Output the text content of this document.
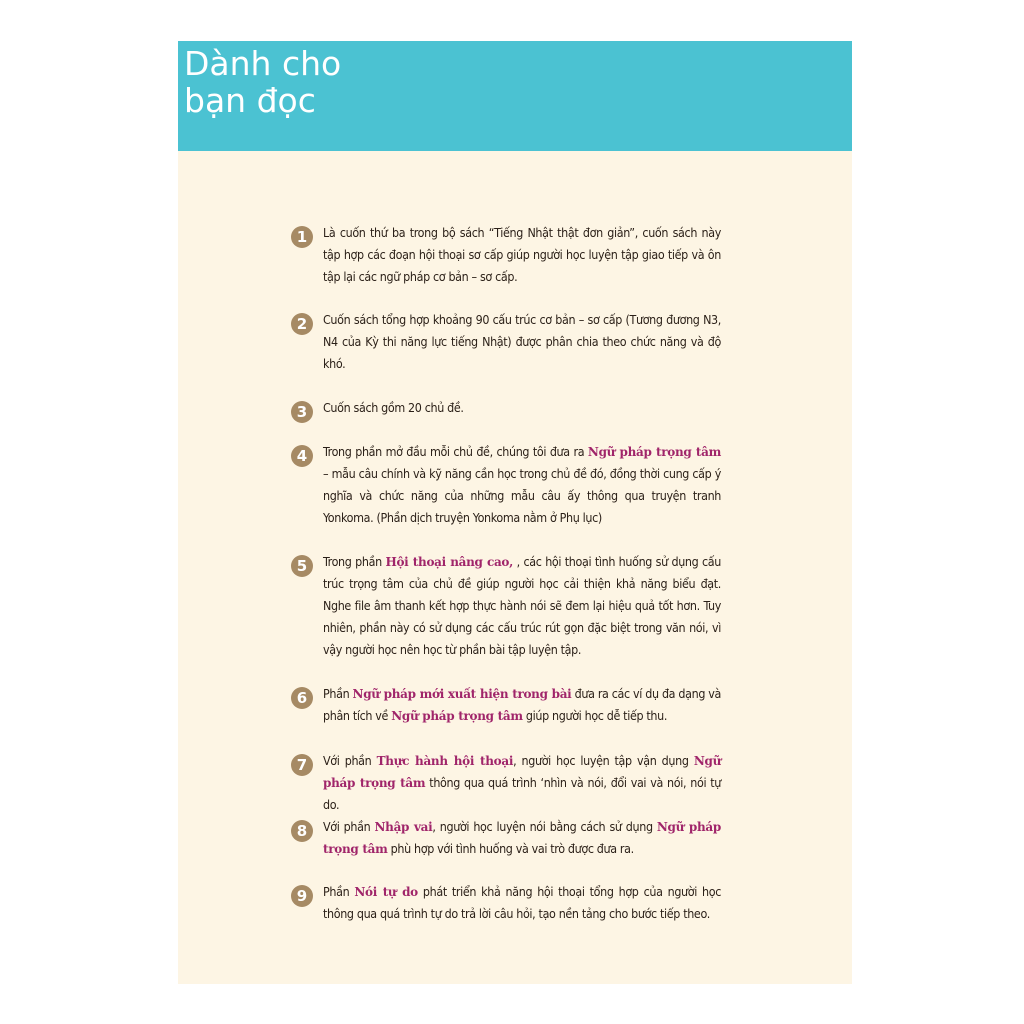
Dành cho
bạn đọc
1	Là cuốn thứ ba trong bộ sách “Tiếng Nhật thật đơn giản”, cuốn sách này tập hợp các đoạn hội thoại sơ cấp giúp người học luyện tập giao tiếp và ôn tập lại các ngữ pháp cơ bản – sơ cấp.
2	Cuốn sách tổng hợp khoảng 90 cấu trúc cơ bản – sơ cấp (Tương đương N3, N4 của Kỳ thi năng lực tiếng Nhật) được phân chia theo chức năng và độ khó.
3	Cuốn sách gồm 20 chủ đề.
4	Trong phần mở đầu mỗi chủ đề, chúng tôi đưa ra Ngữ pháp trọng tâm – mẫu câu chính và kỹ năng cần học trong chủ đề đó, đồng thời cung cấp ý nghĩa và chức năng của những mẫu câu ấy thông qua truyện tranh Yonkoma. (Phần dịch truyện Yonkoma nằm ở Phụ lục)
5	Trong phần Hội thoại nâng cao, , các hội thoại tình huống sử dụng cấu trúc trọng tâm của chủ đề giúp người học cải thiện khả năng biểu đạt. Nghe file âm thanh kết hợp thực hành nói sẽ đem lại hiệu quả tốt hơn. Tuy nhiên, phần này có sử dụng các cấu trúc rút gọn đặc biệt trong văn nói, vì vậy người học nên học từ phần bài tập luyện tập.
6	Phần Ngữ pháp mới xuất hiện trong bài đưa ra các ví dụ đa dạng và phân tích về Ngữ pháp trọng tâm giúp người học dễ tiếp thu.
7	Với phần Thực hành hội thoại, người học luyện tập vận dụng Ngữ pháp trọng tâm thông qua quá trình ‘nhìn và nói, đổi vai và nói, nói tự do.
8	Với phần Nhập vai, người học luyện nói bằng cách sử dụng Ngữ pháp trọng tâm phù hợp với tình huống và vai trò được đưa ra.
9	Phần Nói tự do phát triển khả năng hội thoại tổng hợp của người học thông qua quá trình tự do trả lời câu hỏi, tạo nền tảng cho bước tiếp theo.
